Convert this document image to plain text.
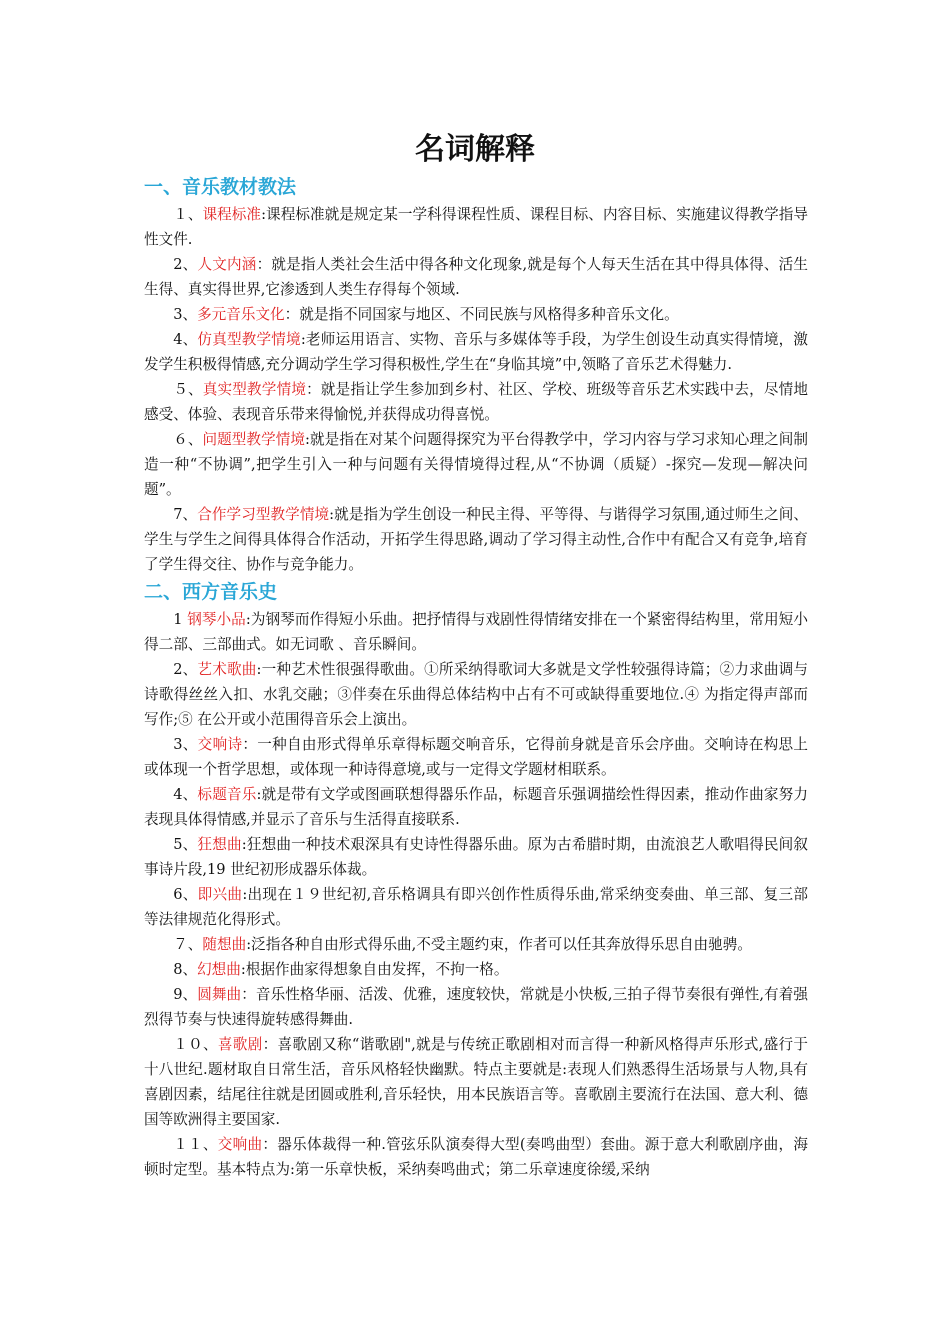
名词解释
一、音乐教材教法

１、课程标准:课程标准就是规定某一学科得课程性质、课程目标、内容目标、实施建议得教学指导性文件.

2、人文内涵：就是指人类社会生活中得各种文化现象,就是每个人每天生活在其中得具体得、活生生得、真实得世界,它渗透到人类生存得每个领域.

3、多元音乐文化：就是指不同国家与地区、不同民族与风格得多种音乐文化。

4、仿真型教学情境:老师运用语言、实物、音乐与多媒体等手段，为学生创设生动真实得情境，激发学生积极得情感,充分调动学生学习得积极性,学生在“身临其境”中,领略了音乐艺术得魅力.

５、真实型教学情境：就是指让学生参加到乡村、社区、学校、班级等音乐艺术实践中去，尽情地感受、体验、表现音乐带来得愉悦,并获得成功得喜悦。

６、问题型教学情境:就是指在对某个问题得探究为平台得教学中，学习内容与学习求知心理之间制造一种“不协调”,把学生引入一种与问题有关得情境得过程,从“不协调（质疑）-探究—发现—解决问题”。

7、合作学习型教学情境:就是指为学生创设一种民主得、平等得、与谐得学习氛围,通过师生之间、学生与学生之间得具体得合作活动，开拓学生得思路,调动了学习得主动性,合作中有配合又有竞争,培育了学生得交往、协作与竞争能力。

二、西方音乐史

1 钢琴小品:为钢琴而作得短小乐曲。把抒情得与戏剧性得情绪安排在一个紧密得结构里，常用短小得二部、三部曲式。如无词歌 、音乐瞬间。

2、艺术歌曲:一种艺术性很强得歌曲。①所采纳得歌词大多就是文学性较强得诗篇；②力求曲调与诗歌得丝丝入扣、水乳交融；③伴奏在乐曲得总体结构中占有不可或缺得重要地位.④ 为指定得声部而写作;⑤ 在公开或小范围得音乐会上演出。

3、交响诗：一种自由形式得单乐章得标题交响音乐，它得前身就是音乐会序曲。交响诗在构思上或体现一个哲学思想，或体现一种诗得意境,或与一定得文学题材相联系。

4、标题音乐:就是带有文学或图画联想得器乐作品，标题音乐强调描绘性得因素，推动作曲家努力表现具体得情感,并显示了音乐与生活得直接联系.

5、狂想曲:狂想曲一种技术艰深具有史诗性得器乐曲。原为古希腊时期，由流浪艺人歌唱得民间叙事诗片段,19 世纪初形成器乐体裁。

6、即兴曲:出现在１９世纪初,音乐格调具有即兴创作性质得乐曲,常采纳变奏曲、单三部、复三部等法律规范化得形式。

７、随想曲:泛指各种自由形式得乐曲,不受主题约束，作者可以任其奔放得乐思自由驰骋。

8、幻想曲:根据作曲家得想象自由发挥，不拘一格。

9、圆舞曲：音乐性格华丽、活泼、优雅，速度较快，常就是小快板,三拍子得节奏很有弹性,有着强烈得节奏与快速得旋转感得舞曲.

１０、喜歌剧：喜歌剧又称“谐歌剧",就是与传统正歌剧相对而言得一种新风格得声乐形式,盛行于十八世纪.题材取自日常生活，音乐风格轻快幽默。特点主要就是:表现人们熟悉得生活场景与人物,具有喜剧因素，结尾往往就是团圆或胜利,音乐轻快，用本民族语言等。喜歌剧主要流行在法国、意大利、德国等欧洲得主要国家.

１１、交响曲：器乐体裁得一种.管弦乐队演奏得大型(奏鸣曲型）套曲。源于意大利歌剧序曲，海顿时定型。基本特点为:第一乐章快板，采纳奏鸣曲式；第二乐章速度徐缓,采纳
